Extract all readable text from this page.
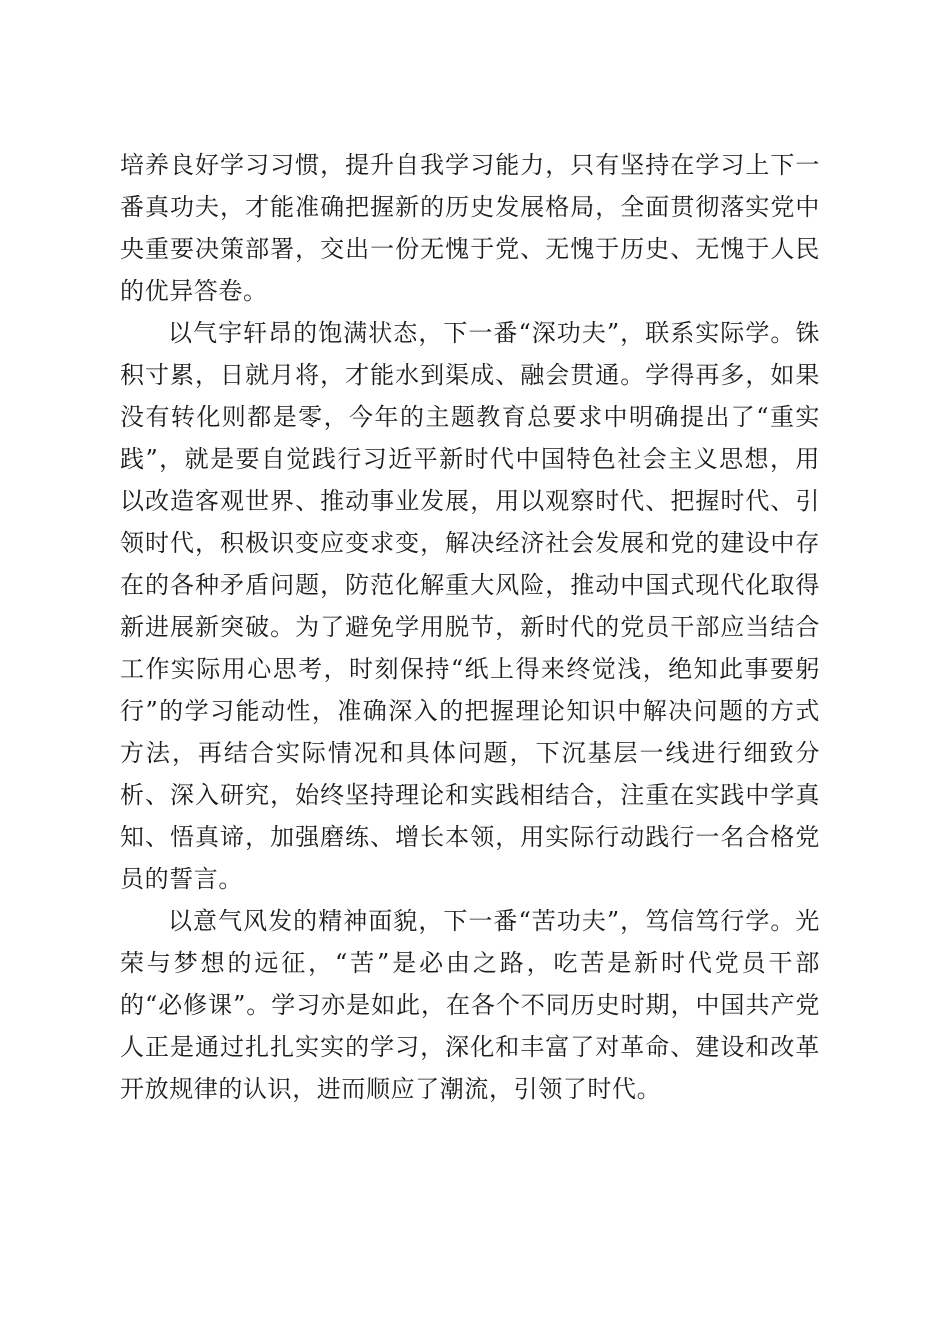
培养良好学习习惯，提升自我学习能力，只有坚持在学习上下一番真功夫，才能准确把握新的历史发展格局，全面贯彻落实党中央重要决策部署，交出一份无愧于党、无愧于历史、无愧于人民的优异答卷。

以气宇轩昂的饱满状态，下一番“深功夫”，联系实际学。铢积寸累，日就月将，才能水到渠成、融会贯通。学得再多，如果没有转化则都是零，今年的主题教育总要求中明确提出了“重实践”，就是要自觉践行习近平新时代中国特色社会主义思想，用以改造客观世界、推动事业发展，用以观察时代、把握时代、引领时代，积极识变应变求变，解决经济社会发展和党的建设中存在的各种矛盾问题，防范化解重大风险，推动中国式现代化取得新进展新突破。为了避免学用脱节，新时代的党员干部应当结合工作实际用心思考，时刻保持“纸上得来终觉浅，绝知此事要躬行”的学习能动性，准确深入的把握理论知识中解决问题的方式方法，再结合实际情况和具体问题，下沉基层一线进行细致分析、深入研究，始终坚持理论和实践相结合，注重在实践中学真知、悟真谛，加强磨练、增长本领，用实际行动践行一名合格党员的誓言。

以意气风发的精神面貌，下一番“苦功夫”，笃信笃行学。光荣与梦想的远征，“苦”是必由之路，吃苦是新时代党员干部的“必修课”。学习亦是如此，在各个不同历史时期，中国共产党人正是通过扎扎实实的学习，深化和丰富了对革命、建设和改革开放规律的认识，进而顺应了潮流，引领了时代。
